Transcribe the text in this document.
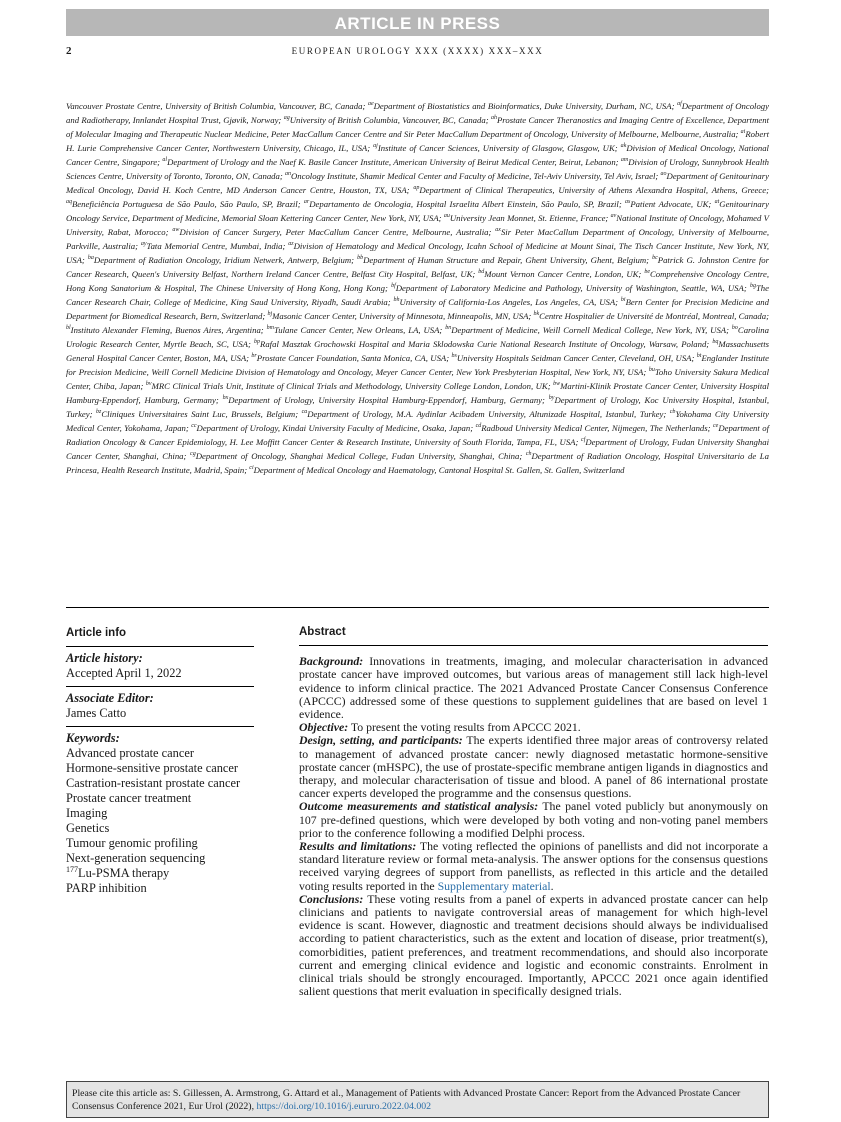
ARTICLE IN PRESS
2	EUROPEAN UROLOGY XXX (XXXX) XXX–XXX
Vancouver Prostate Centre, University of British Columbia, Vancouver, BC, Canada; $^{ae}$Department of Biostatistics and Bioinformatics, Duke University, Durham, NC, USA; $^{af}$Department of Oncology and Radiotherapy, Innlandet Hospital Trust, Gjøvik, Norway; $^{ag}$University of British Columbia, Vancouver, BC, Canada; $^{ah}$Prostate Cancer Theranostics and Imaging Centre of Excellence, Department of Molecular Imaging and Therapeutic Nuclear Medicine, Peter MacCallum Cancer Centre and Sir Peter MacCallum Department of Oncology, University of Melbourne, Melbourne, Australia; $^{ai}$Robert H. Lurie Comprehensive Cancer Center, Northwestern University, Chicago, IL, USA; $^{aj}$Institute of Cancer Sciences, University of Glasgow, Glasgow, UK; $^{ak}$Division of Medical Oncology, National Cancer Centre, Singapore; $^{al}$Department of Urology and the Naef K. Basile Cancer Institute, American University of Beirut Medical Center, Beirut, Lebanon; $^{am}$Division of Urology, Sunnybrook Health Sciences Centre, University of Toronto, Toronto, ON, Canada; $^{an}$Oncology Institute, Shamir Medical Center and Faculty of Medicine, Tel-Aviv University, Tel Aviv, Israel; $^{ao}$Department of Genitourinary Medical Oncology, David H. Koch Centre, MD Anderson Cancer Centre, Houston, TX, USA; $^{ap}$Department of Clinical Therapeutics, University of Athens Alexandra Hospital, Athens, Greece; $^{aq}$Beneficiência Portuguesa de São Paulo, São Paulo, SP, Brazil; $^{ar}$Departamento de Oncologia, Hospital Israelita Albert Einstein, São Paulo, SP, Brazil; $^{as}$Patient Advocate, UK; $^{at}$Genitourinary Oncology Service, Department of Medicine, Memorial Sloan Kettering Cancer Center, New York, NY, USA; $^{au}$University Jean Monnet, St. Etienne, France; $^{av}$National Institute of Oncology, Mohamed V University, Rabat, Morocco; $^{aw}$Division of Cancer Surgery, Peter MacCallum Cancer Centre, Melbourne, Australia; $^{ax}$Sir Peter MacCallum Department of Oncology, University of Melbourne, Parkville, Australia; $^{ay}$Tata Memorial Centre, Mumbai, India; $^{az}$Division of Hematology and Medical Oncology, Icahn School of Medicine at Mount Sinai, The Tisch Cancer Institute, New York, NY, USA; $^{ba}$Department of Radiation Oncology, Iridium Netwerk, Antwerp, Belgium; $^{bb}$Department of Human Structure and Repair, Ghent University, Ghent, Belgium; $^{bc}$Patrick G. Johnston Centre for Cancer Research, Queen's University Belfast, Northern Ireland Cancer Centre, Belfast City Hospital, Belfast, UK; $^{bd}$Mount Vernon Cancer Centre, London, UK; $^{be}$Comprehensive Oncology Centre, Hong Kong Sanatorium & Hospital, The Chinese University of Hong Kong, Hong Kong; $^{bf}$Department of Laboratory Medicine and Pathology, University of Washington, Seattle, WA, USA; $^{bg}$The Cancer Research Chair, College of Medicine, King Saud University, Riyadh, Saudi Arabia; $^{bh}$University of California-Los Angeles, Los Angeles, CA, USA; $^{bi}$Bern Center for Precision Medicine and Department for Biomedical Research, Bern, Switzerland; $^{bj}$Masonic Cancer Center, University of Minnesota, Minneapolis, MN, USA; $^{bk}$Centre Hospitalier de Université de Montréal, Montreal, Canada; $^{bl}$Instituto Alexander Fleming, Buenos Aires, Argentina; $^{bm}$Tulane Cancer Center, New Orleans, LA, USA; $^{bn}$Department of Medicine, Weill Cornell Medical College, New York, NY, USA; $^{bo}$Carolina Urologic Research Center, Myrtle Beach, SC, USA; $^{bp}$Rafal Masztak Grochowski Hospital and Maria Sklodowska Curie National Research Institute of Oncology, Warsaw, Poland; $^{bq}$Massachusetts General Hospital Cancer Center, Boston, MA, USA; $^{br}$Prostate Cancer Foundation, Santa Monica, CA, USA; $^{bs}$University Hospitals Seidman Cancer Center, Cleveland, OH, USA; $^{bt}$Englander Institute for Precision Medicine, Weill Cornell Medicine Division of Hematology and Oncology, Meyer Cancer Center, New York Presbyterian Hospital, New York, NY, USA; $^{bu}$Toho University Sakura Medical Center, Chiba, Japan; $^{bv}$MRC Clinical Trials Unit, Institute of Clinical Trials and Methodology, University College London, London, UK; $^{bw}$Martini-Klinik Prostate Cancer Center, University Hospital Hamburg-Eppendorf, Hamburg, Germany; $^{bx}$Department of Urology, University Hospital Hamburg-Eppendorf, Hamburg, Germany; $^{by}$Department of Urology, Koc University Hospital, Istanbul, Turkey; $^{bz}$Cliniques Universitaires Saint Luc, Brussels, Belgium; $^{ca}$Department of Urology, M.A. Aydinlar Acibadem University, Altunizade Hospital, Istanbul, Turkey; $^{cb}$Yokohama City University Medical Center, Yokohama, Japan; $^{cc}$Department of Urology, Kindai University Faculty of Medicine, Osaka, Japan; $^{cd}$Radboud University Medical Center, Nijmegen, The Netherlands; $^{ce}$Department of Radiation Oncology & Cancer Epidemiology, H. Lee Moffitt Cancer Center & Research Institute, University of South Florida, Tampa, FL, USA; $^{cf}$Department of Urology, Fudan University Shanghai Cancer Center, Shanghai, China; $^{cg}$Department of Oncology, Shanghai Medical College, Fudan University, Shanghai, China; $^{ch}$Department of Radiation Oncology, Hospital Universitario de La Princesa, Health Research Institute, Madrid, Spain; $^{ci}$Department of Medical Oncology and Haematology, Cantonal Hospital St. Gallen, St. Gallen, Switzerland
Article info
Article history:
Accepted April 1, 2022
Associate Editor:
James Catto
Keywords:
Advanced prostate cancer
Hormone-sensitive prostate cancer
Castration-resistant prostate cancer
Prostate cancer treatment
Imaging
Genetics
Tumour genomic profiling
Next-generation sequencing
$^{177}$Lu-PSMA therapy
PARP inhibition
Abstract

Background: Innovations in treatments, imaging, and molecular characterisation in advanced prostate cancer have improved outcomes, but various areas of management still lack high-level evidence to inform clinical practice. The 2021 Advanced Prostate Cancer Consensus Conference (APCCC) addressed some of these questions to supplement guidelines that are based on level 1 evidence.

Objective: To present the voting results from APCCC 2021.

Design, setting, and participants: The experts identified three major areas of controversy related to management of advanced prostate cancer: newly diagnosed metastatic hormone-sensitive prostate cancer (mHSPC), the use of prostate-specific membrane antigen ligands in diagnostics and therapy, and molecular characterisation of tissue and blood. A panel of 86 international prostate cancer experts developed the programme and the consensus questions.

Outcome measurements and statistical analysis: The panel voted publicly but anonymously on 107 pre-defined questions, which were developed by both voting and non-voting panel members prior to the conference following a modified Delphi process.

Results and limitations: The voting reflected the opinions of panellists and did not incorporate a standard literature review or formal meta-analysis. The answer options for the consensus questions received varying degrees of support from panellists, as reflected in this article and the detailed voting results reported in the Supplementary material.

Conclusions: These voting results from a panel of experts in advanced prostate cancer can help clinicians and patients to navigate controversial areas of management for which high-level evidence is scant. However, diagnostic and treatment decisions should always be individualised according to patient characteristics, such as the extent and location of disease, prior treatment(s), comorbidities, patient preferences, and treatment recommendations, and should also incorporate current and emerging clinical evidence and logistic and economic constraints. Enrolment in clinical trials should be strongly encouraged. Importantly, APCCC 2021 once again identified salient questions that merit evaluation in specifically designed trials.

Please cite this article as: S. Gillessen, A. Armstrong, G. Attard et al., Management of Patients with Advanced Prostate Cancer: Report from the Advanced Prostate Cancer Consensus Conference 2021, Eur Urol (2022), https://doi.org/10.1016/j.eururo.2022.04.002
